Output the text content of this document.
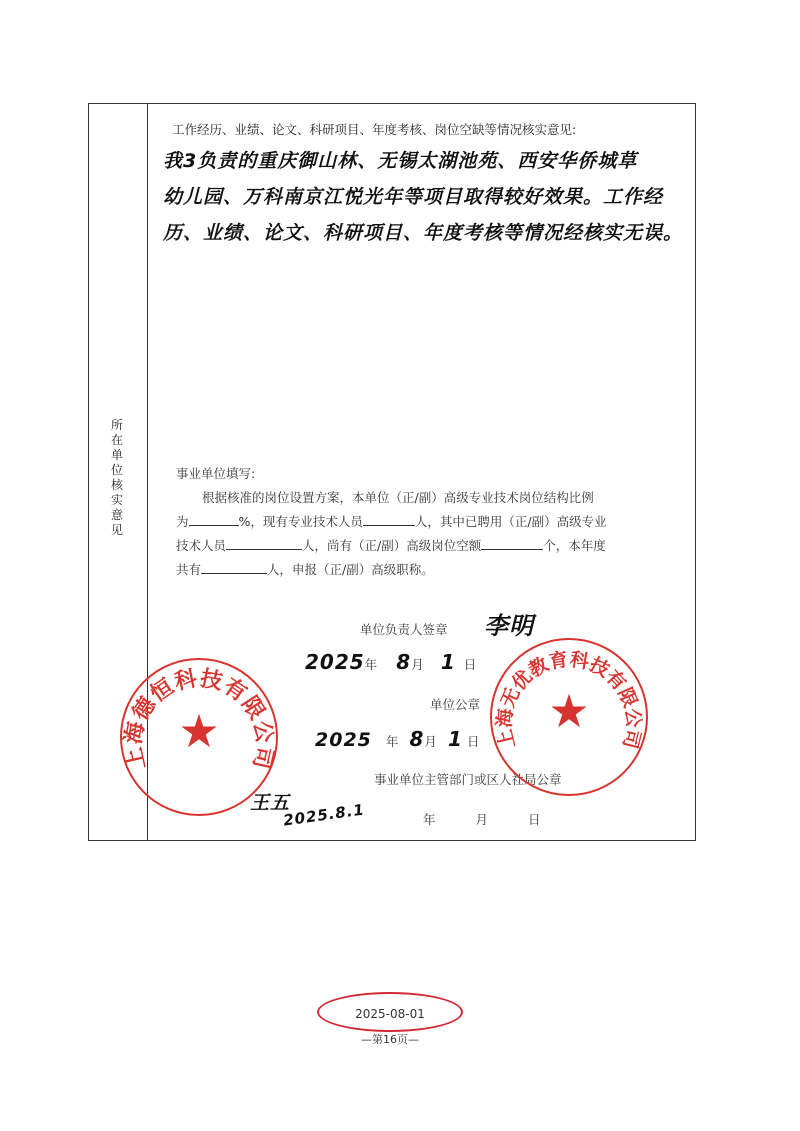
所
在
单
位
核
实
意
见
工作经历、业绩、论文、科研项目、年度考核、岗位空缺等情况核实意见:
我3负责的重庆御山林、无锡太湖池苑、西安华侨城草
幼儿园、万科南京江悦光年等项目取得较好效果。工作经
历、业绩、论文、科研项目、年度考核等情况经核实无误。
事业单位填写:
根据核准的岗位设置方案，本单位（正/副）高级专业技术岗位结构比例
为	%，现有专业技术人员	人，其中已聘用（正/副）高级专业
技术人员	人，尚有（正/副）高级岗位空额	个，本年度
共有	人，申报（正/副）高级职称。
单位负责人签章 李明
2025年 8月 1 日
单位公章
2025 年 8月 1 日
事业单位主管部门或区人社局公章
年	月	日
王五
2025.8.1
上海德恒科技有限公司
★	上海无优教育科技有限公司
★
2025-08-01
—第16页—
